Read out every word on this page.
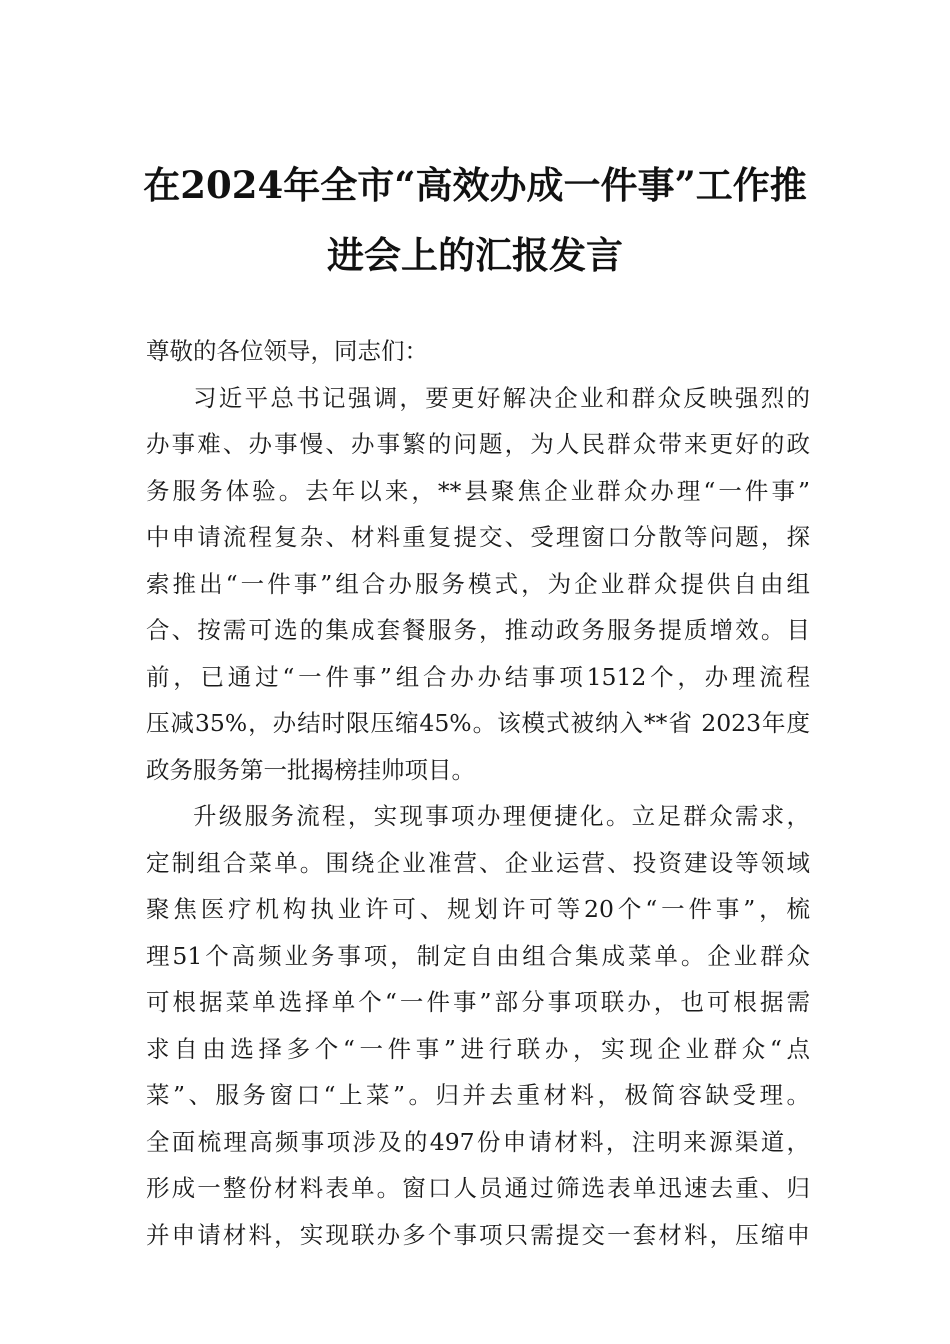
在2024年全市“高效办成一件事”工作推
进会上的汇报发言
尊敬的各位领导，同志们：
习近平总书记强调，要更好解决企业和群众反映强烈的
办事难、办事慢、办事繁的问题，为人民群众带来更好的政
务服务体验。去年以来，**县聚焦企业群众办理“一件事”
中申请流程复杂、材料重复提交、受理窗口分散等问题，探
索推出“一件事”组合办服务模式，为企业群众提供自由组
合、按需可选的集成套餐服务，推动政务服务提质增效。目
前，已通过“一件事”组合办办结事项1512个，办理流程
压减35%，办结时限压缩45%。该模式被纳入**省 2023年度
政务服务第一批揭榜挂帅项目。
升级服务流程，实现事项办理便捷化。立足群众需求，
定制组合菜单。围绕企业准营、企业运营、投资建设等领域
聚焦医疗机构执业许可、规划许可等20个“一件事”，梳
理51个高频业务事项，制定自由组合集成菜单。企业群众
可根据菜单选择单个“一件事”部分事项联办，也可根据需
求自由选择多个“一件事”进行联办，实现企业群众“点
菜”、服务窗口“上菜”。归并去重材料，极简容缺受理。
全面梳理高频事项涉及的497份申请材料，注明来源渠道，
形成一整份材料表单。窗口人员通过筛选表单迅速去重、归
并申请材料，实现联办多个事项只需提交一套材料，压缩申
